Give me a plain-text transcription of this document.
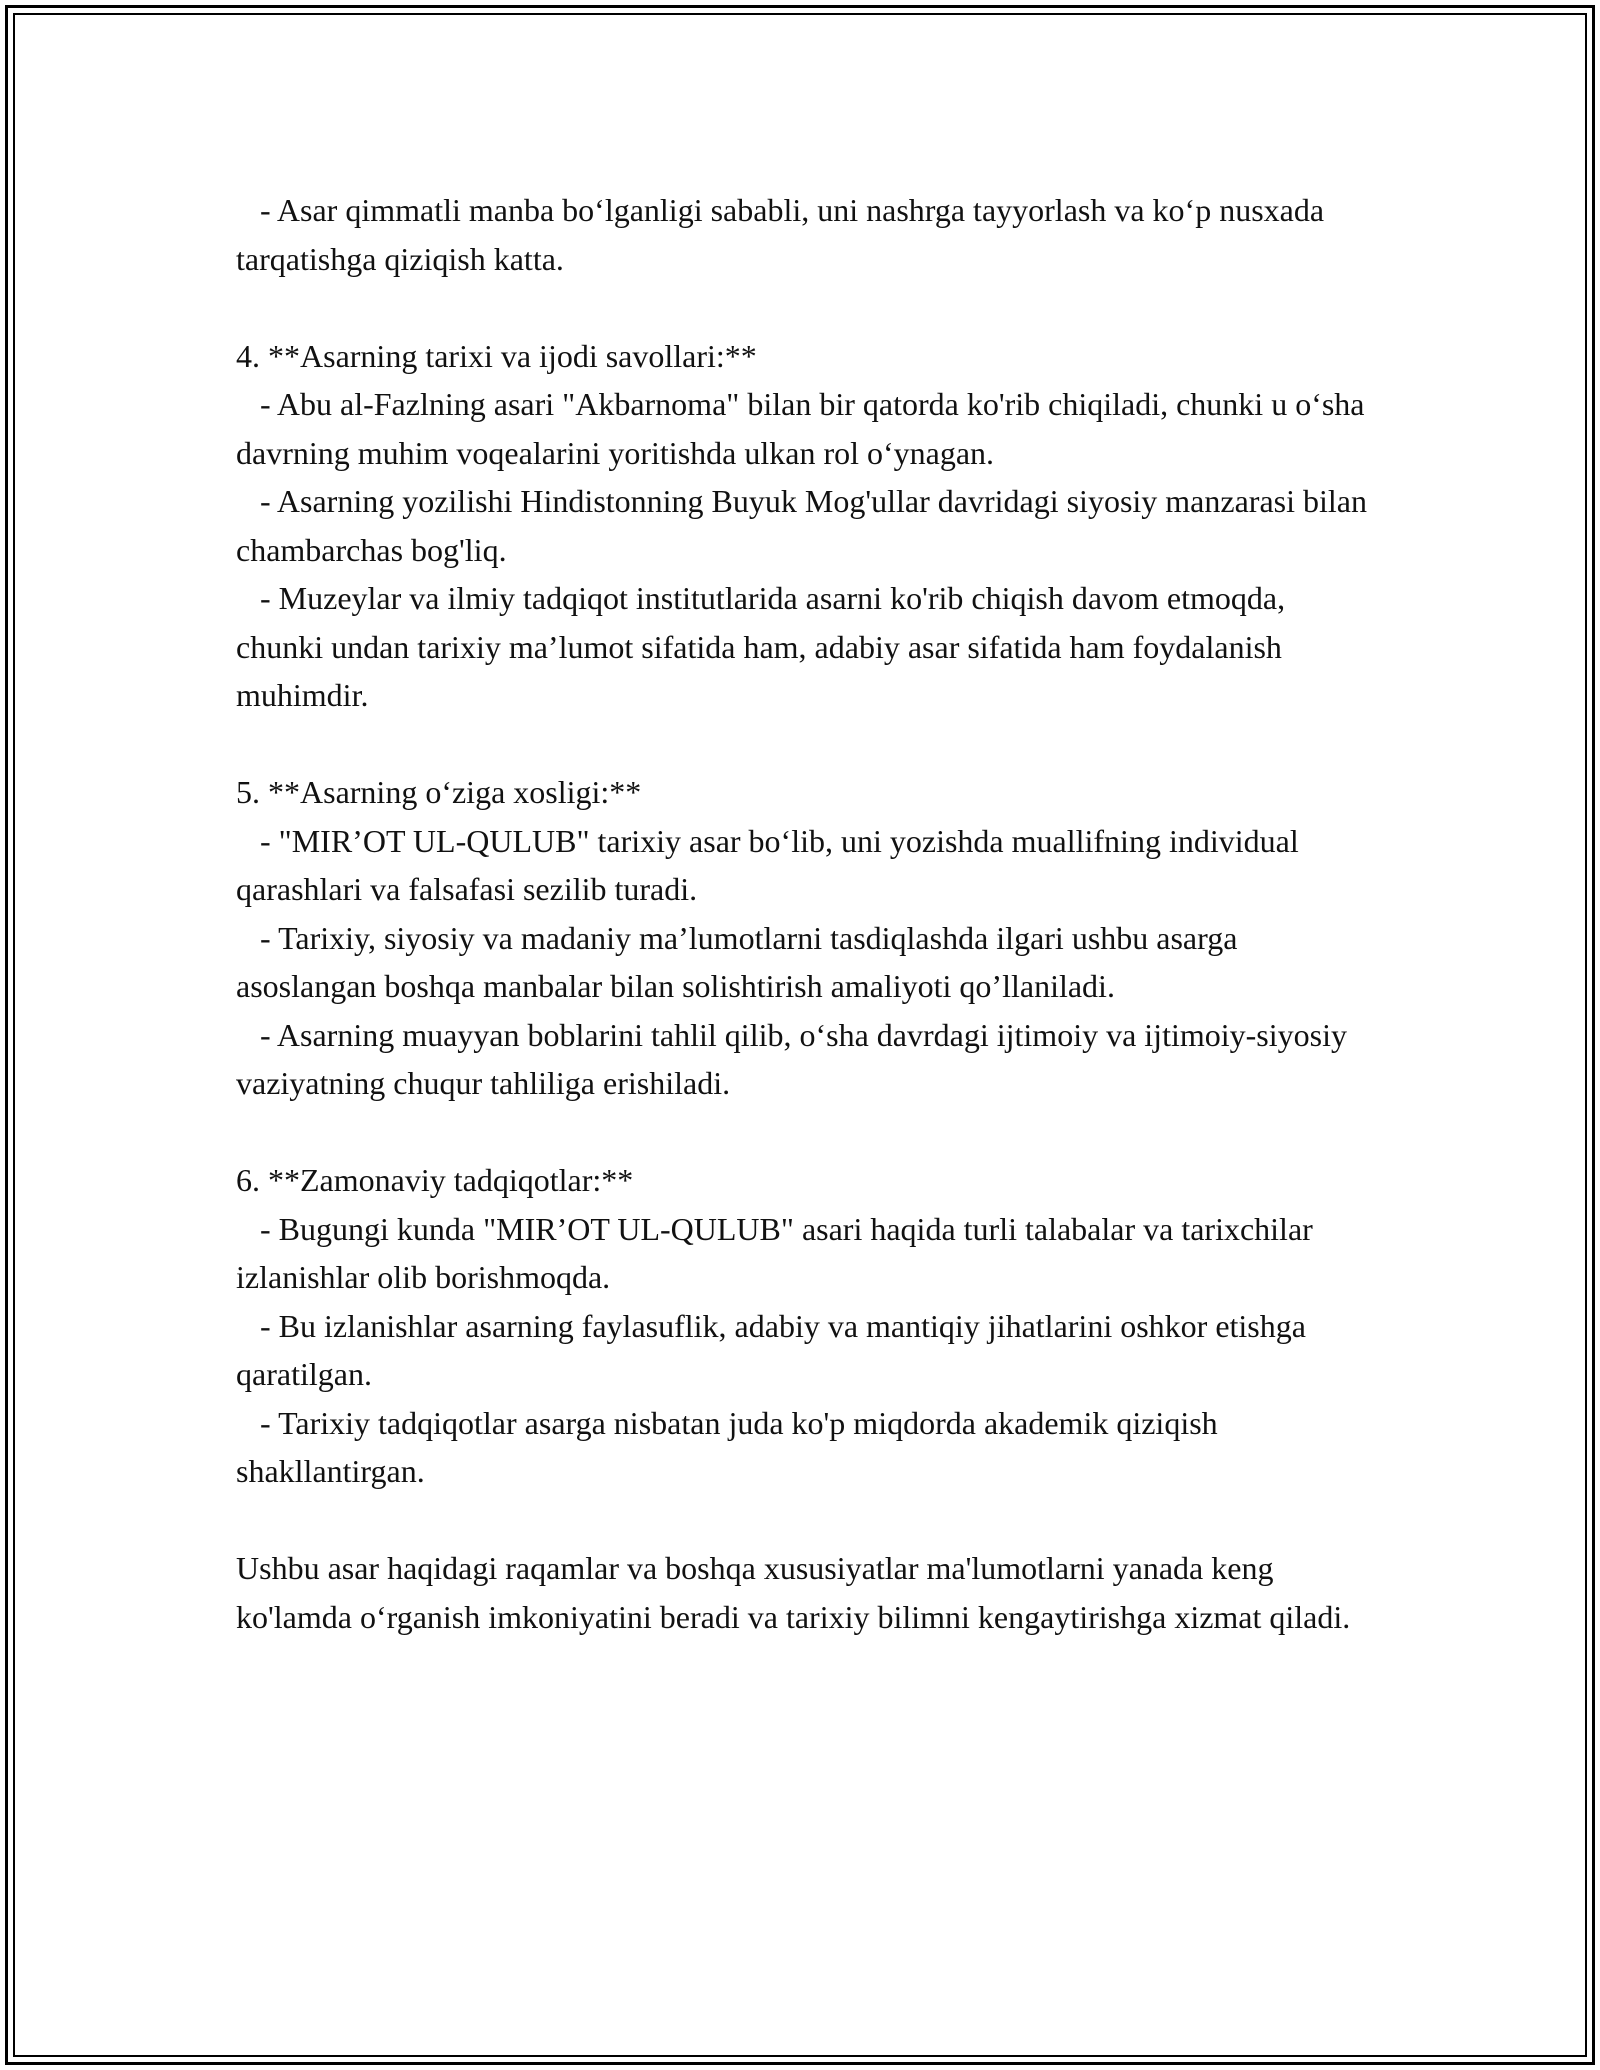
- Asar qimmatli manba bo‘lganligi sababli, uni nashrga tayyorlash va ko‘p nusxada tarqatishga qiziqish katta.

4. **Asarning tarixi va ijodi savollari:**

- Abu al-Fazlning asari "Akbarnoma" bilan bir qatorda ko'rib chiqiladi, chunki u o‘sha davrning muhim voqealarini yoritishda ulkan rol o‘ynagan.

- Asarning yozilishi Hindistonning Buyuk Mog'ullar davridagi siyosiy manzarasi bilan chambarchas bog'liq.

- Muzeylar va ilmiy tadqiqot institutlarida asarni ko'rib chiqish davom etmoqda, chunki undan tarixiy ma’lumot sifatida ham, adabiy asar sifatida ham foydalanish muhimdir.

5. **Asarning o‘ziga xosligi:**

- "MIR’OT UL-QULUB" tarixiy asar bo‘lib, uni yozishda muallifning individual qarashlari va falsafasi sezilib turadi.

- Tarixiy, siyosiy va madaniy ma’lumotlarni tasdiqlashda ilgari ushbu asarga asoslangan boshqa manbalar bilan solishtirish amaliyoti qo’llaniladi.

- Asarning muayyan boblarini tahlil qilib, o‘sha davrdagi ijtimoiy va ijtimoiy-siyosiy vaziyatning chuqur tahliliga erishiladi.

6. **Zamonaviy tadqiqotlar:**

- Bugungi kunda "MIR’OT UL-QULUB" asari haqida turli talabalar va tarixchilar izlanishlar olib borishmoqda.

- Bu izlanishlar asarning faylasuflik, adabiy va mantiqiy jihatlarini oshkor etishga qaratilgan.

- Tarixiy tadqiqotlar asarga nisbatan juda ko'p miqdorda akademik qiziqish shakllantirgan.

Ushbu asar haqidagi raqamlar va boshqa xususiyatlar ma'lumotlarni yanada keng ko'lamda o‘rganish imkoniyatini beradi va tarixiy bilimni kengaytirishga xizmat qiladi.
